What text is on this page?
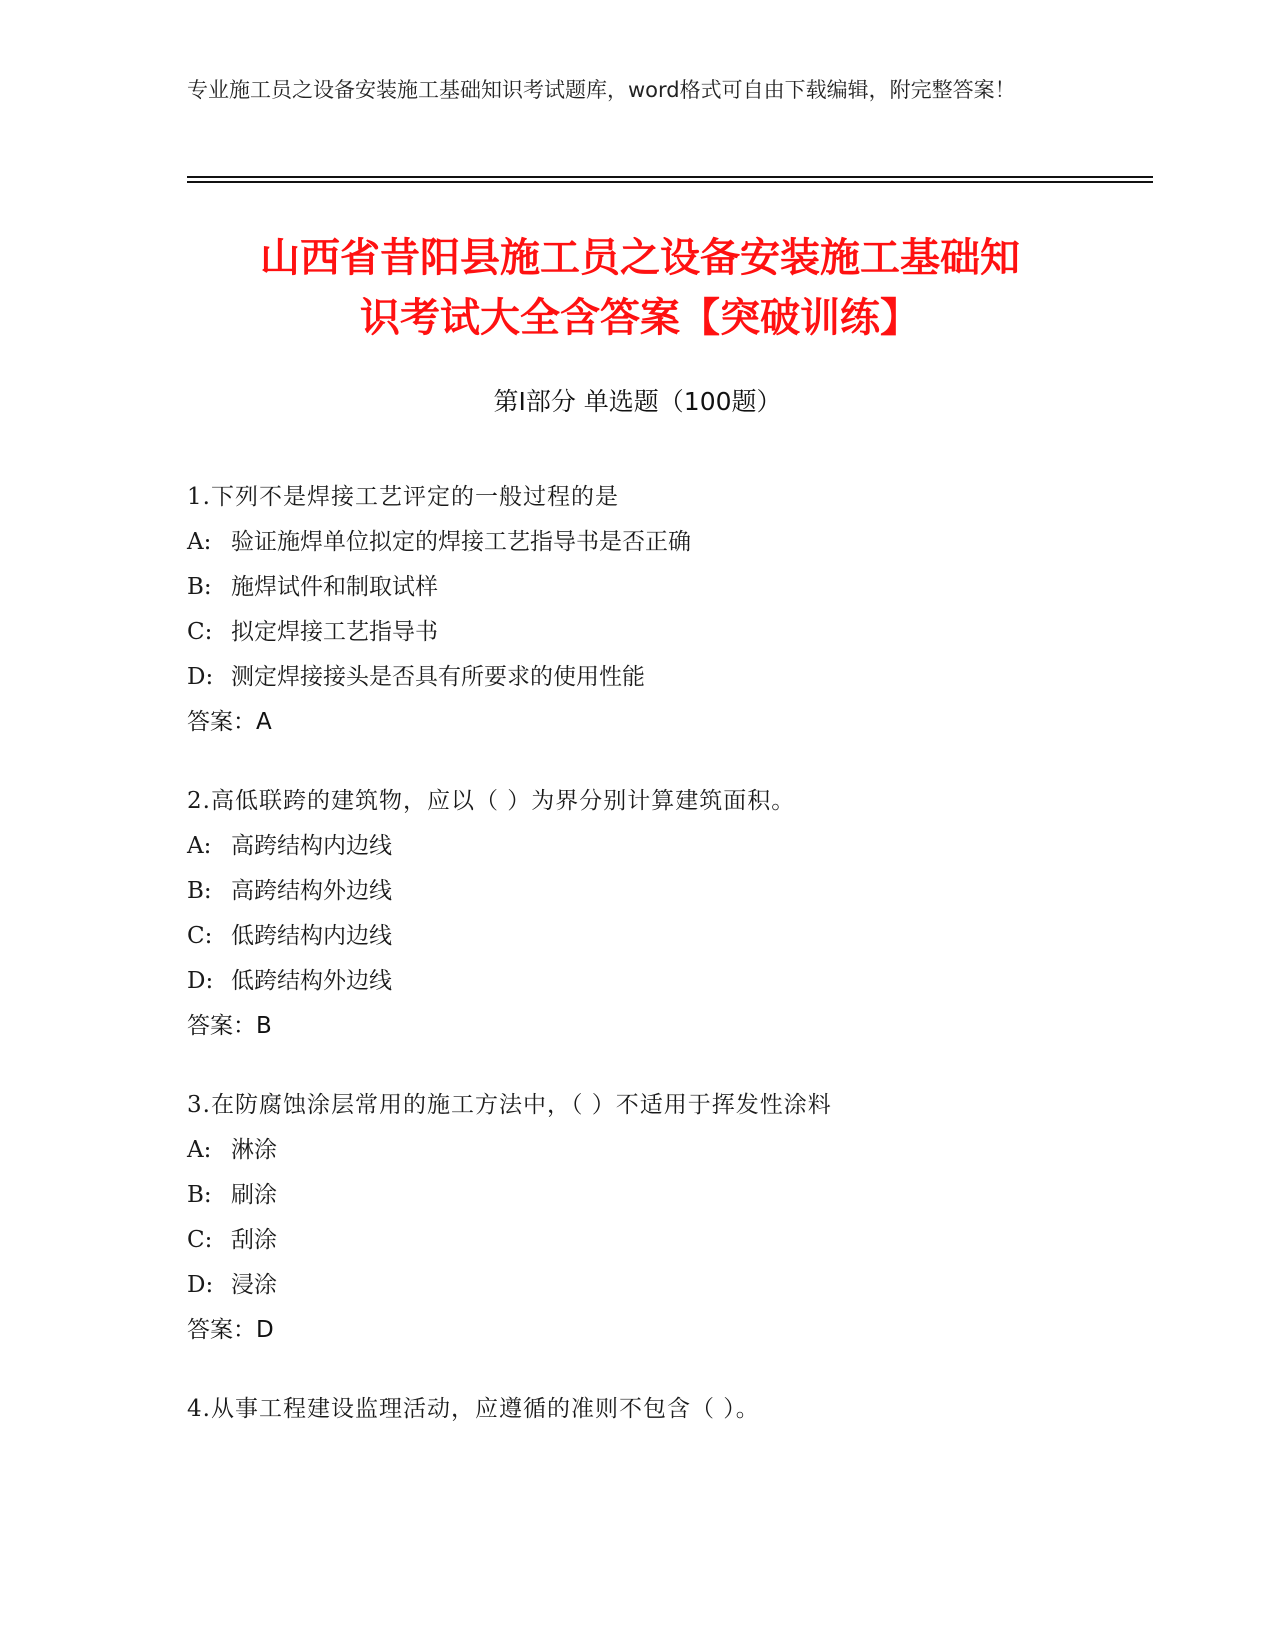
专业施工员之设备安装施工基础知识考试题库，word格式可自由下载编辑，附完整答案！
山西省昔阳县施工员之设备安装施工基础知
识考试大全含答案【突破训练】
第Ⅰ部分 单选题（100题）
1.下列不是焊接工艺评定的一般过程的是
A: 验证施焊单位拟定的焊接工艺指导书是否正确
B: 施焊试件和制取试样
C: 拟定焊接工艺指导书
D: 测定焊接接头是否具有所要求的使用性能
答案：A
2.高低联跨的建筑物，应以（ ）为界分别计算建筑面积。
A: 高跨结构内边线
B: 高跨结构外边线
C: 低跨结构内边线
D: 低跨结构外边线
答案：B
3.在防腐蚀涂层常用的施工方法中，（ ）不适用于挥发性涂料
A: 淋涂
B: 刷涂
C: 刮涂
D: 浸涂
答案：D
4.从事工程建设监理活动，应遵循的准则不包含（ ）。
